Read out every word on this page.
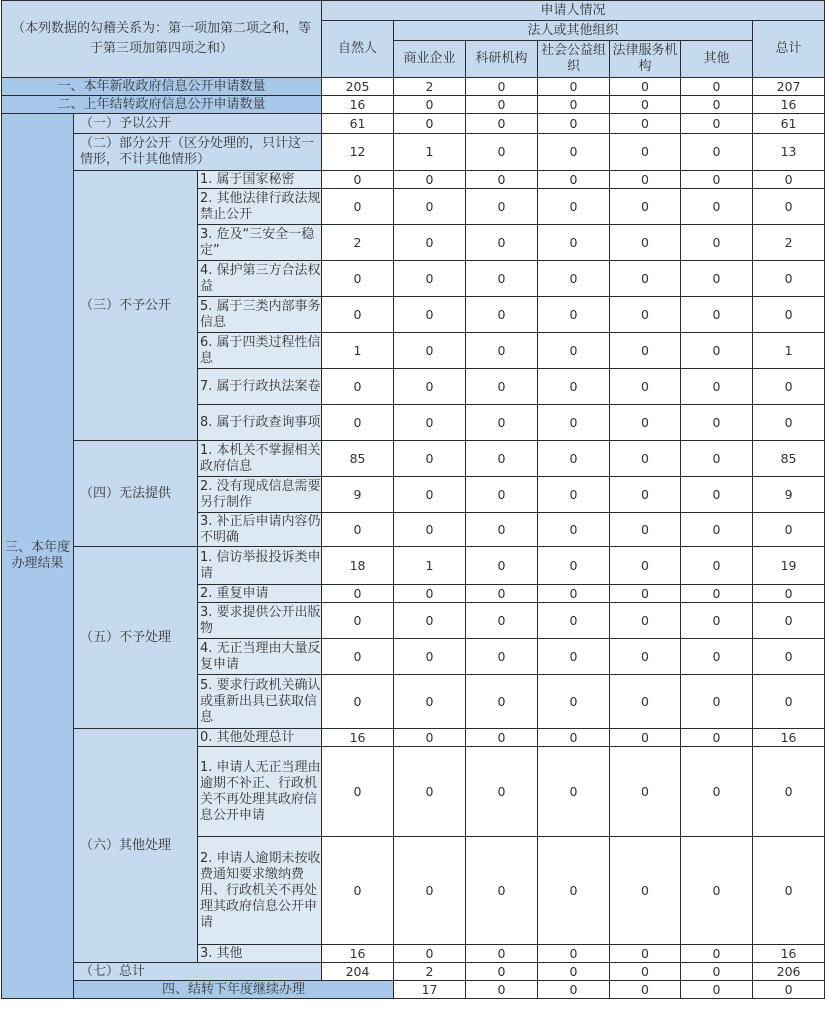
（本列数据的勾稽关系为：第一项加第二项之和，等于第三项加第四项之和）			申请人情况							
			自然人	法人或其他组织					总计	
				商业企业	科研机构	社会公益组织	法律服务机构	其他		
一、本年新收政府信息公开申请数量			205	2	0	0	0	0	207	
二、上年结转政府信息公开申请数量			16	0	0	0	0	0	16	
三、本年度办理结果	（一）予以公开		61	0	0	0	0	0	61	
	（二）部分公开（区分处理的，只计这一情形，不计其他情形）		12	1	0	0	0	0	13	
	（三）不予公开	1. 属于国家秘密	0	0	0	0	0	0	0	
		2. 其他法律行政法规禁止公开	0	0	0	0	0	0	0	
		3. 危及“三安全一稳定”	2	0	0	0	0	0	2	
		4. 保护第三方合法权益	0	0	0	0	0	0	0	
		5. 属于三类内部事务信息	0	0	0	0	0	0	0	
		6. 属于四类过程性信息	1	0	0	0	0	0	1	
		7. 属于行政执法案卷	0	0	0	0	0	0	0	
		8. 属于行政查询事项	0	0	0	0	0	0	0	
	（四）无法提供	1. 本机关不掌握相关政府信息	85	0	0	0	0	0	85	
		2. 没有现成信息需要另行制作	9	0	0	0	0	0	9	
		3. 补正后申请内容仍不明确	0	0	0	0	0	0	0	
	（五）不予处理	1. 信访举报投诉类申请	18	1	0	0	0	0	19	
		2. 重复申请	0	0	0	0	0	0	0	
		3. 要求提供公开出版物	0	0	0	0	0	0	0	
		4. 无正当理由大量反复申请	0	0	0	0	0	0	0	
		5. 要求行政机关确认或重新出具已获取信息	0	0	0	0	0	0	0	
	（六）其他处理	0. 其他处理总计	16	0	0	0	0	0	16	
		1. 申请人无正当理由逾期不补正、行政机关不再处理其政府信息公开申请	0	0	0	0	0	0	0	
		2. 申请人逾期未按收费通知要求缴纳费用、行政机关不再处理其政府信息公开申请	0	0	0	0	0	0	0	
		3. 其他	16	0	0	0	0	0	16	
	（七）总计		204	2	0	0	0	0	206	
	四、结转下年度继续办理			17	0	0	0	0	0	
